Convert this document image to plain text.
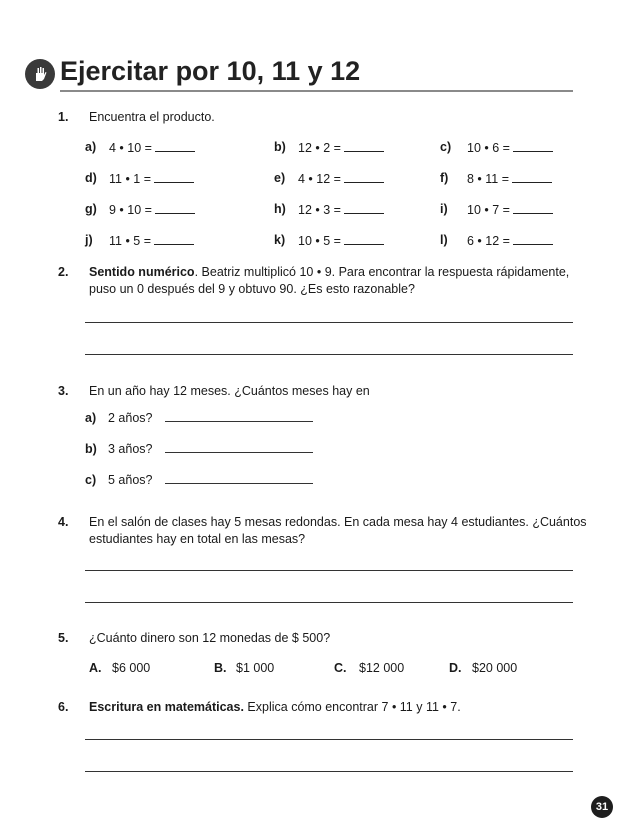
Ejercitar por 10, 11 y 12
1. Encuentra el producto.
a) 4 • 10 =	b) 12 • 2 =	c) 10 • 6 =
d) 11 • 1 =	e) 4 • 12 =	f) 8 • 11 =
g) 9 • 10 =	h) 12 • 3 =	i) 10 • 7 =
j) 11 • 5 =	k) 10 • 5 =	l) 6 • 12 =
2. Sentido numérico. Beatriz multiplicó 10 • 9. Para encontrar la respuesta rápidamente,
puso un 0 después del 9 y obtuvo 90. ¿Es esto razonable?
3. En un año hay 12 meses. ¿Cuántos meses hay en
a) 2 años?
b) 3 años?
c) 5 años?
4. En el salón de clases hay 5 mesas redondas. En cada mesa hay 4 estudiantes. ¿Cuántos
estudiantes hay en total en las mesas?
5. ¿Cuánto dinero son 12 monedas de $ 500?
A. $6 000	B. $1 000	C. $12 000	D. $20 000
6. Escritura en matemáticas. Explica cómo encontrar 7 • 11 y 11 • 7.
31
